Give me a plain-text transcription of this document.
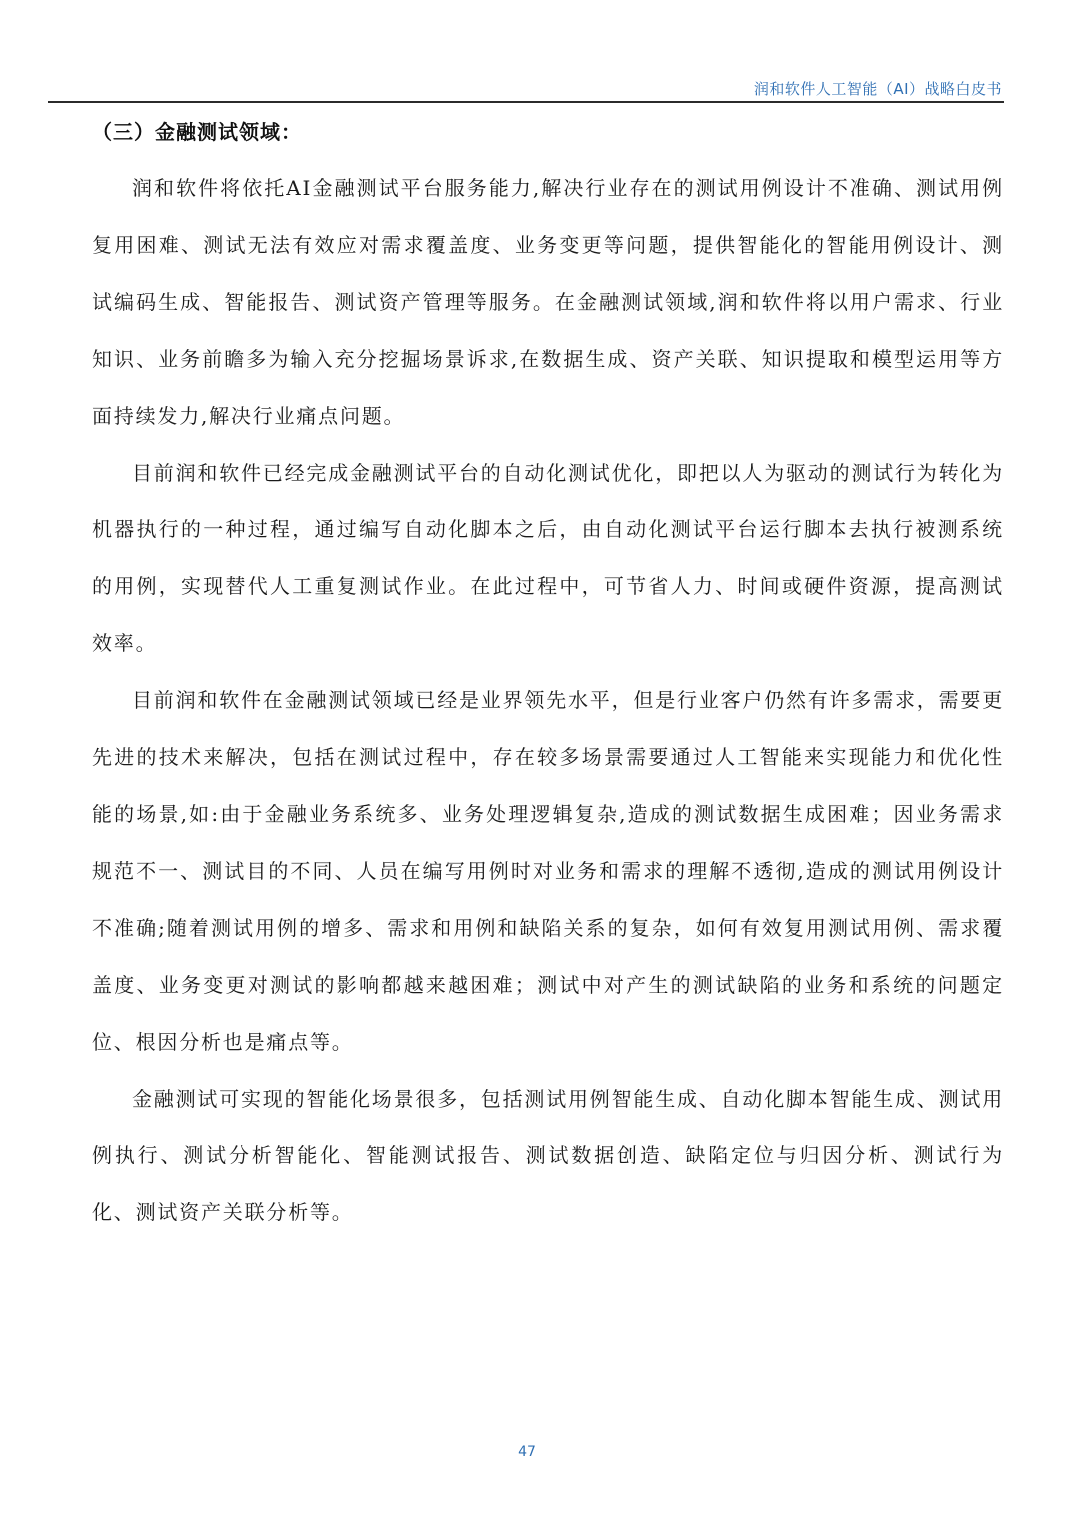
润和软件人工智能（AI）战略白皮书
（三）金融测试领域：

润和软件将依托AI金融测试平台服务能力,解决行业存在的测试用例设计不准确、测试用例复用困难、测试无法有效应对需求覆盖度、业务变更等问题，提供智能化的智能用例设计、测试编码生成、智能报告、测试资产管理等服务。在金融测试领域,润和软件将以用户需求、行业知识、业务前瞻多为输入充分挖掘场景诉求,在数据生成、资产关联、知识提取和模型运用等方面持续发力,解决行业痛点问题。

目前润和软件已经完成金融测试平台的自动化测试优化，即把以人为驱动的测试行为转化为机器执行的一种过程，通过编写自动化脚本之后，由自动化测试平台运行脚本去执行被测系统的用例，实现替代人工重复测试作业。在此过程中，可节省人力、时间或硬件资源，提高测试效率。

目前润和软件在金融测试领域已经是业界领先水平，但是行业客户仍然有许多需求，需要更先进的技术来解决，包括在测试过程中，存在较多场景需要通过人工智能来实现能力和优化性能的场景,如:由于金融业务系统多、业务处理逻辑复杂,造成的测试数据生成困难；因业务需求规范不一、测试目的不同、人员在编写用例时对业务和需求的理解不透彻,造成的测试用例设计不准确;随着测试用例的增多、需求和用例和缺陷关系的复杂，如何有效复用测试用例、需求覆盖度、业务变更对测试的影响都越来越困难；测试中对产生的测试缺陷的业务和系统的问题定位、根因分析也是痛点等。

金融测试可实现的智能化场景很多，包括测试用例智能生成、自动化脚本智能生成、测试用例执行、测试分析智能化、智能测试报告、测试数据创造、缺陷定位与归因分析、测试行为化、测试资产关联分析等。

47
